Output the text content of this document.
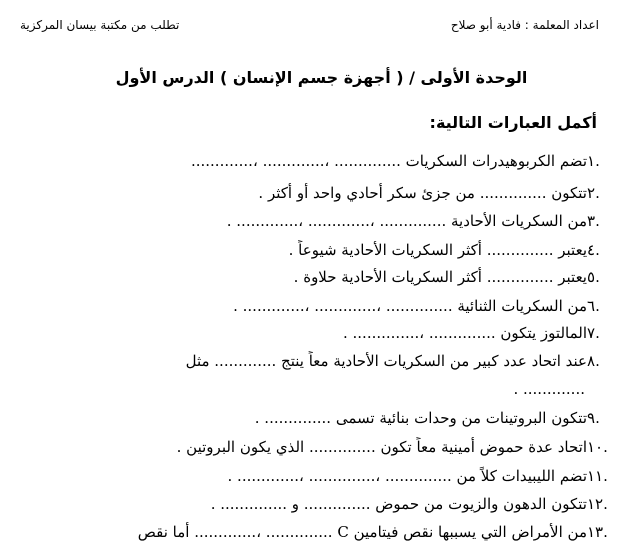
اعداد المعلمة : فادية أبو صلاح
تطلب من مكتبة بيسان المركزية
الوحدة الأولى / ( أجهزة جسم الإنسان ) الدرس الأول
أكمل العبارات التالية:
.١تضم الكربوهيدرات السكريات .............. ،............. ،.............
.٢تتكون .............. من جزئ سكر أحادي واحد أو أكثر .
.٣من السكريات الأحادية .............. ،............. ،............. .
.٤يعتبر .............. أكثر السكريات الأحادية شيوعاً .
.٥يعتبر .............. أكثر السكريات الأحادية حلاوة .
.٦من السكريات الثنائية .............. ،............. ،............. .
.٧المالتوز يتكون .............. ،.............. .
.٨عند اتحاد عدد كبير من السكريات الأحادية معاً ينتج ............. مثل
............. .
.٩تتكون البروتينات من وحدات بنائية تسمى .............. .
.١٠اتحاد عدة حموض أمينية معاً تكون .............. الذي يكون البروتين .
.١١تضم الليبيدات كلاً من .............. ،.............. ،............. .
.١٢تتكون الدهون والزيوت من حموض .............. و .............. .
.١٣من الأمراض التي يسببها نقص فيتامين C .............. ،............. أما نقص
